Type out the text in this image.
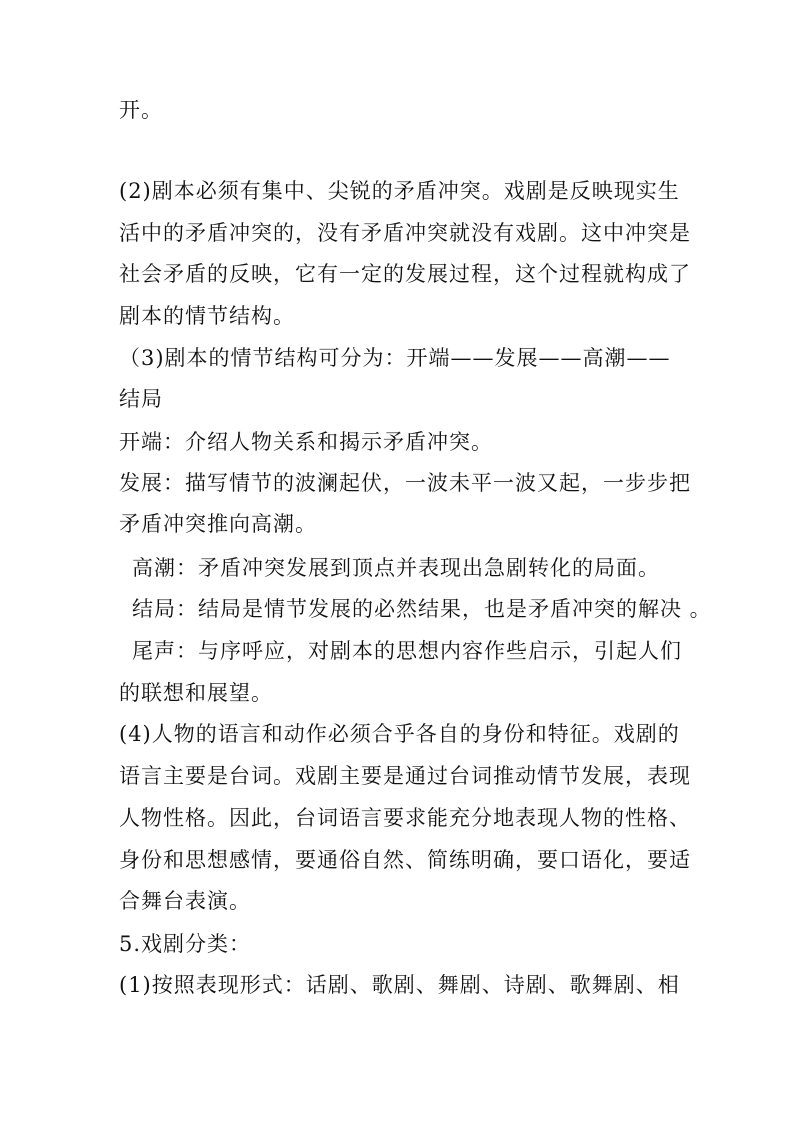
开。
(2)剧本必须有集中、尖锐的矛盾冲突。戏剧是反映现实生
活中的矛盾冲突的，没有矛盾冲突就没有戏剧。这中冲突是
社会矛盾的反映，它有一定的发展过程，这个过程就构成了
剧本的情节结构。
（3)剧本的情节结构可分为：开端——发展——高潮——
结局
开端：介绍人物关系和揭示矛盾冲突。
发展：描写情节的波澜起伏，一波未平一波又起，一步步把
矛盾冲突推向高潮。
高潮：矛盾冲突发展到顶点并表现出急剧转化的局面。
结局：结局是情节发展的必然结果，也是矛盾冲突的解决 。
尾声：与序呼应，对剧本的思想内容作些启示，引起人们
的联想和展望。
(4)人物的语言和动作必须合乎各自的身份和特征。戏剧的
语言主要是台词。戏剧主要是通过台词推动情节发展，表现
人物性格。因此，台词语言要求能充分地表现人物的性格、
身份和思想感情，要通俗自然、简练明确，要口语化，要适
合舞台表演。
5.戏剧分类：
(1)按照表现形式：话剧、歌剧、舞剧、诗剧、歌舞剧、相
